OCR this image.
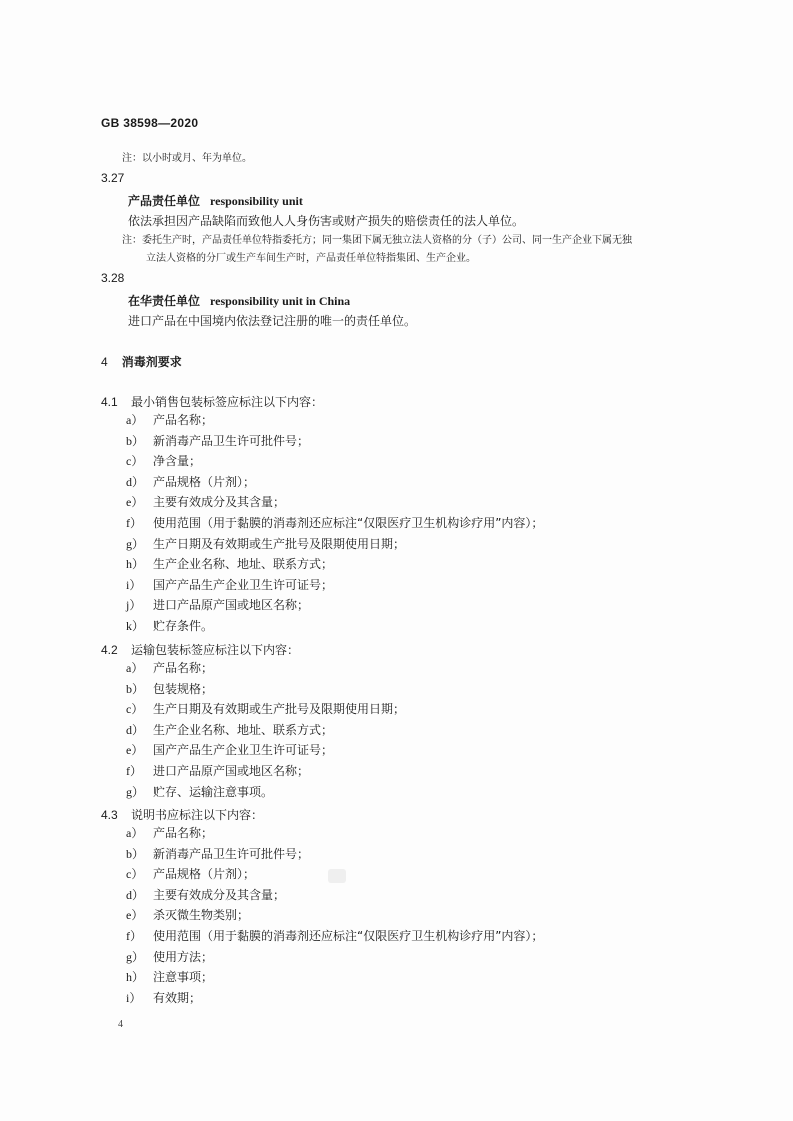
GB 38598—2020
注：以小时或月、年为单位。
3.27
产品责任单位 responsibility unit
依法承担因产品缺陷而致他人人身伤害或财产损失的赔偿责任的法人单位。
注：委托生产时，产品责任单位特指委托方；同一集团下属无独立法人资格的分（子）公司、同一生产企业下属无独
立法人资格的分厂或生产车间生产时，产品责任单位特指集团、生产企业。
3.28
在华责任单位 responsibility unit in China
进口产品在中国境内依法登记注册的唯一的责任单位。
4 消毒剂要求
4.1 最小销售包装标签应标注以下内容：
a） 产品名称；
b） 新消毒产品卫生许可批件号；
c） 净含量；
d） 产品规格（片剂）；
e） 主要有效成分及其含量；
f） 使用范围（用于黏膜的消毒剂还应标注“仅限医疗卫生机构诊疗用”内容）；
g） 生产日期及有效期或生产批号及限期使用日期；
h） 生产企业名称、地址、联系方式；
i） 国产产品生产企业卫生许可证号；
j） 进口产品原产国或地区名称；
k） 贮存条件。
4.2 运输包装标签应标注以下内容：
a） 产品名称；
b） 包装规格；
c） 生产日期及有效期或生产批号及限期使用日期；
d） 生产企业名称、地址、联系方式；
e） 国产产品生产企业卫生许可证号；
f） 进口产品原产国或地区名称；
g） 贮存、运输注意事项。
4.3 说明书应标注以下内容：
a） 产品名称；
b） 新消毒产品卫生许可批件号；
c） 产品规格（片剂）；
d） 主要有效成分及其含量；
e） 杀灭微生物类别；
f） 使用范围（用于黏膜的消毒剂还应标注“仅限医疗卫生机构诊疗用”内容）；
g） 使用方法；
h） 注意事项；
i） 有效期；
4
